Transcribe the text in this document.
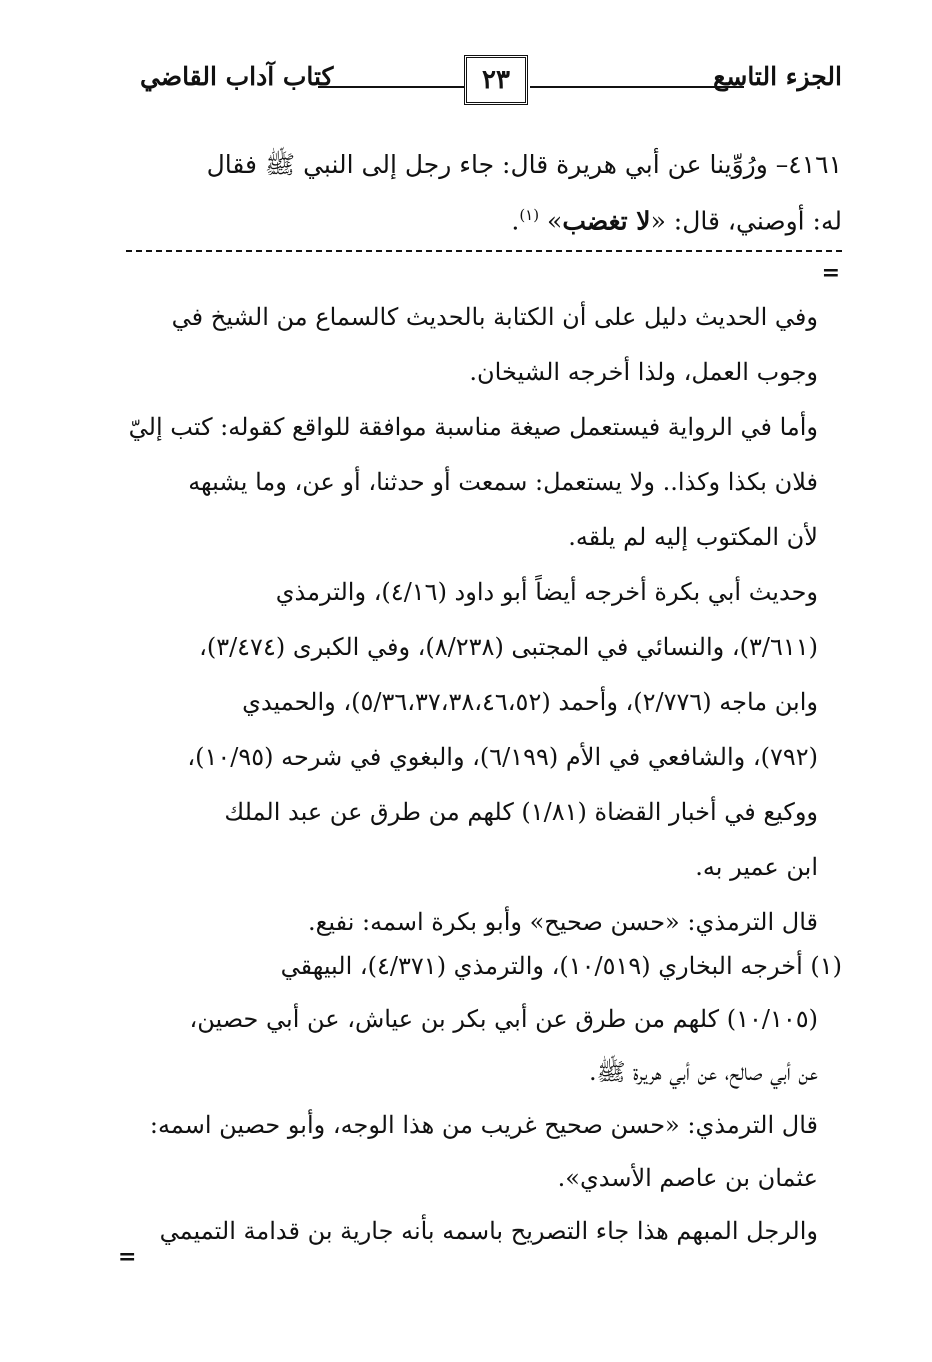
الجزء التاسع
٢٣
كتاب آداب القاضي
٤١٦١– ورُوِّينا عن أبي هريرة قال: جاء رجل إلى النبي ﷺ فقال
له: أوصني، قال: «لا تغضب» $^{(١)}$.
=
وفي الحديث دليل على أن الكتابة بالحديث كالسماع من الشيخ في
وجوب العمل، ولذا أخرجه الشيخان.
وأما في الرواية فيستعمل صيغة مناسبة موافقة للواقع كقوله: كتب إليّ
فلان بكذا وكذا.. ولا يستعمل: سمعت أو حدثنا، أو عن، وما يشبهه
لأن المكتوب إليه لم يلقه.
وحديث أبي بكرة أخرجه أيضاً أبو داود (٤/١٦)، والترمذي
(٣/٦١١)، والنسائي في المجتبى (٨/٢٣٨)، وفي الكبرى (٣/٤٧٤)،
وابن ماجه (٢/٧٧٦)، وأحمد (٥/٣٦،٣٧،٣٨،٤٦،٥٢)، والحميدي
(٧٩٢)، والشافعي في الأم (٦/١٩٩)، والبغوي في شرحه (١٠/٩٥)،
ووكيع في أخبار القضاة (١/٨١) كلهم من طرق عن عبد الملك
ابن عمير به.
قال الترمذي: «حسن صحيح» وأبو بكرة اسمه: نفيع.
(١) أخرجه البخاري (١٠/٥١٩)، والترمذي (٤/٣٧١)، البيهقي
(١٠/١٠٥) كلهم من طرق عن أبي بكر بن عياش، عن أبي حصين،
عن أبي صالح، عن أبي هريرة ﷺ.
قال الترمذي: «حسن صحيح غريب من هذا الوجه، وأبو حصين اسمه:
عثمان بن عاصم الأسدي».
والرجل المبهم هذا جاء التصريح باسمه بأنه جارية بن قدامة التميمي
=
